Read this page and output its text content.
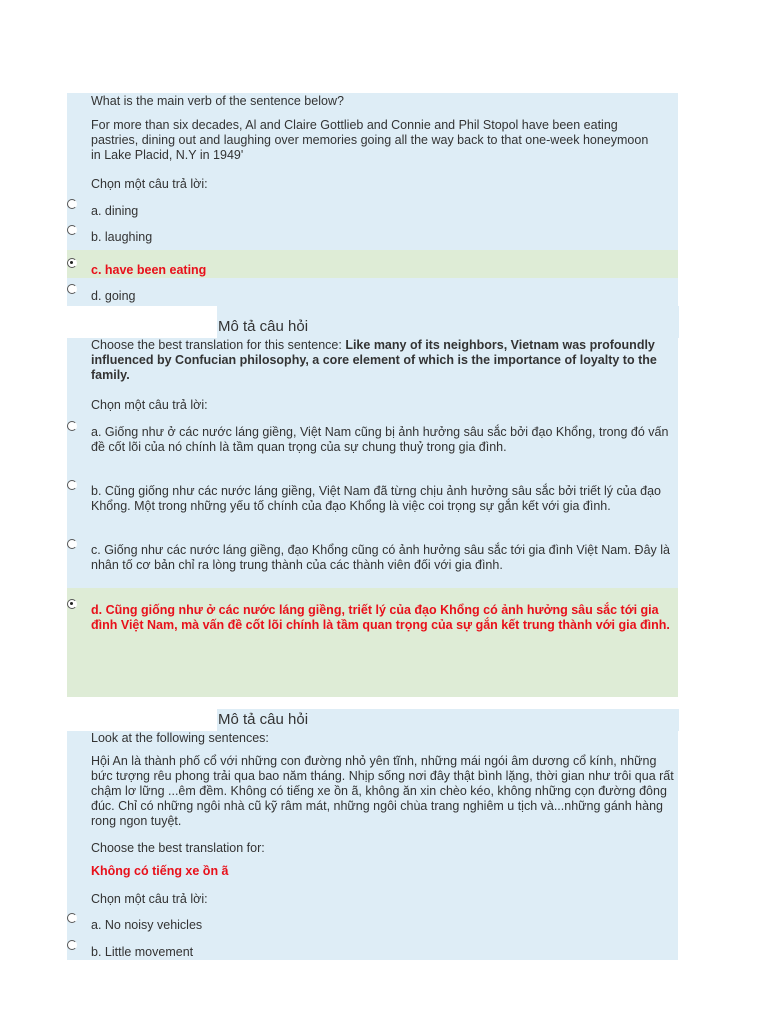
What is the main verb of the sentence below?
For more than six decades, Al and Claire Gottlieb and Connie and Phil Stopol have been eating pastries, dining out and laughing over memories going all the way back to that one-week honeymoon in Lake Placid, N.Y in 1949'
Chọn một câu trả lời:
a. dining
b. laughing
c. have been eating
d. going
Mô tả câu hỏi
Choose the best translation for this sentence: Like many of its neighbors, Vietnam was profoundly influenced by Confucian philosophy, a core element of which is the importance of loyalty to the family.
Chọn một câu trả lời:
a. Giống như ở các nước láng giềng, Việt Nam cũng bị ảnh hưởng sâu sắc bởi đạo Khổng, trong đó vấn đề cốt lõi của nó chính là tầm quan trọng của sự chung thuỷ trong gia đình.
b. Cũng giống như các nước láng giềng, Việt Nam đã từng chịu ảnh hưởng sâu sắc bởi triết lý của đạo Khổng. Một trong những yếu tố chính của đạo Khổng là việc coi trọng sự gắn kết với gia đình.
c. Giống như các nước láng giềng, đạo Khổng cũng có ảnh hưởng sâu sắc tới gia đình Việt Nam. Đây là nhân tố cơ bản chỉ ra lòng trung thành của các thành viên đối với gia đình.
d. Cũng giống như ở các nước láng giềng, triết lý của đạo Khổng có ảnh hưởng sâu sắc tới gia đình Việt Nam, mà vấn đề cốt lõi chính là tầm quan trọng của sự gắn kết trung thành với gia đình.
Mô tả câu hỏi
Look at the following sentences:
Hội An là thành phố cổ với những con đường nhỏ yên tĩnh, những mái ngói âm dương cổ kính, những bức tượng rêu phong trải qua bao năm tháng. Nhịp sống nơi đây thật bình lặng, thời gian như trôi qua rất chậm lơ lững ...êm đềm. Không có tiếng xe ồn ã, không ăn xin chèo kéo, không những cọn đường đông đúc. Chỉ có những ngôi nhà cũ kỹ râm mát, những ngôi chùa trang nghiêm u tịch và...những gánh hàng rong ngon tuyệt.
Choose the best translation for:
Không có tiếng xe ồn ã
Chọn một câu trả lời:
a. No noisy vehicles
b. Little movement
